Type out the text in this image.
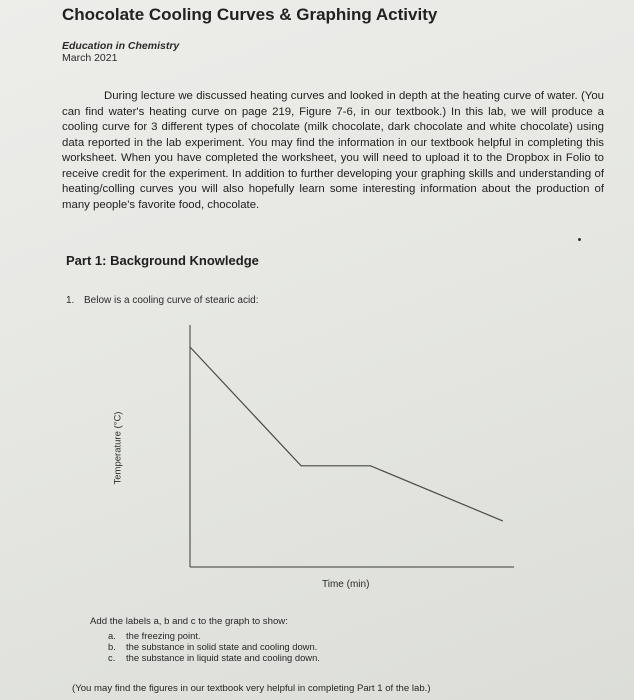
Chocolate Cooling Curves & Graphing Activity
Education in Chemistry
March 2021

During lecture we discussed heating curves and looked in depth at the heating curve of water. (You can find water's heating curve on page 219, Figure 7-6, in our textbook.) In this lab, we will produce a cooling curve for 3 different types of chocolate (milk chocolate, dark chocolate and white chocolate) using data reported in the lab experiment. You may find the information in our textbook helpful in completing this worksheet. When you have completed the worksheet, you will need to upload it to the Dropbox in Folio to receive credit for the experiment. In addition to further developing your graphing skills and understanding of heating/colling curves you will also hopefully learn some interesting information about the production of many people's favorite food, chocolate.

Part 1: Background Knowledge
1. Below is a cooling curve of stearic acid:
Temperature (°C)
Time (min)
Add the labels a, b and c to the graph to show:
a. the freezing point.
b. the substance in solid state and cooling down.
c. the substance in liquid state and cooling down.
(You may find the figures in our textbook very helpful in completing Part 1 of the lab.)
